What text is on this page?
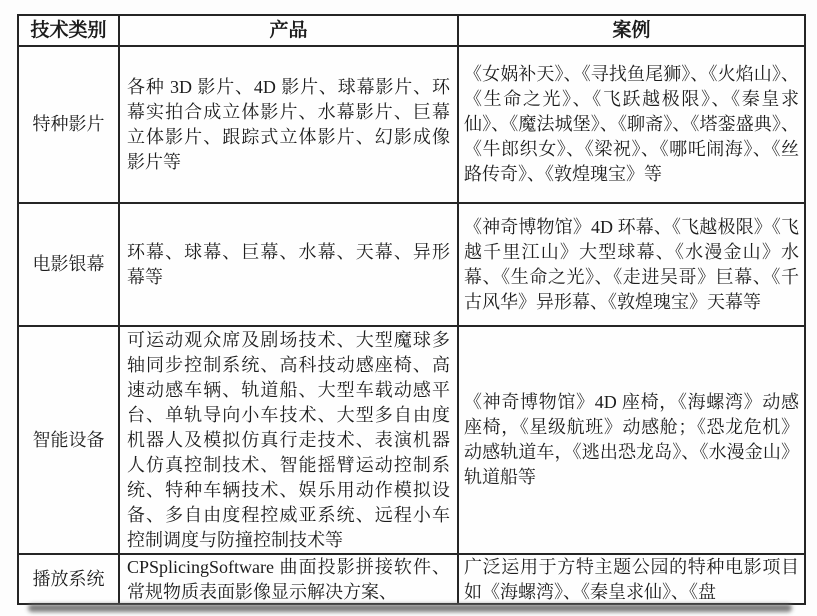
技术类别	产品	案例
特种影片	各种 3D 影片、4D 影片、球幕影片、环幕实拍合成立体影片、水幕影片、巨幕立体影片、跟踪式立体影片、幻影成像影片等	《女娲补天》、《寻找鱼尾狮》、《火焰山》、《生命之光》、《飞跃越极限》、《秦皇求仙》、《魔法城堡》、《聊斋》、《塔銮盛典》、《牛郎织女》、《梁祝》、《哪吒闹海》、《丝路传奇》、《敦煌瑰宝》等
电影银幕	环幕、球幕、巨幕、水幕、天幕、异形幕等	《神奇博物馆》4D 环幕、《飞越极限》《飞越千里江山》大型球幕、《水漫金山》水幕、《生命之光》、《走进吴哥》巨幕、《千古风华》异形幕、《敦煌瑰宝》天幕等
智能设备	可运动观众席及剧场技术、大型魔球多轴同步控制系统、高科技动感座椅、高速动感车辆、轨道船、大型车载动感平台、单轨导向小车技术、大型多自由度机器人及模拟仿真行走技术、表演机器人仿真控制技术、智能摇臂运动控制系统、特种车辆技术、娱乐用动作模拟设备、多自由度程控威亚系统、远程小车控制调度与防撞控制技术等	《神奇博物馆》4D 座椅，《海螺湾》动感座椅，《星级航班》动感舱；《恐龙危机》动感轨道车，《逃出恐龙岛》、《水漫金山》轨道船等
播放系统	CPSplicingSoftware 曲面投影拼接软件、常规物质表面影像显示解决方案、	广泛运用于方特主题公园的特种电影项目如《海螺湾》、《秦皇求仙》、《盘
